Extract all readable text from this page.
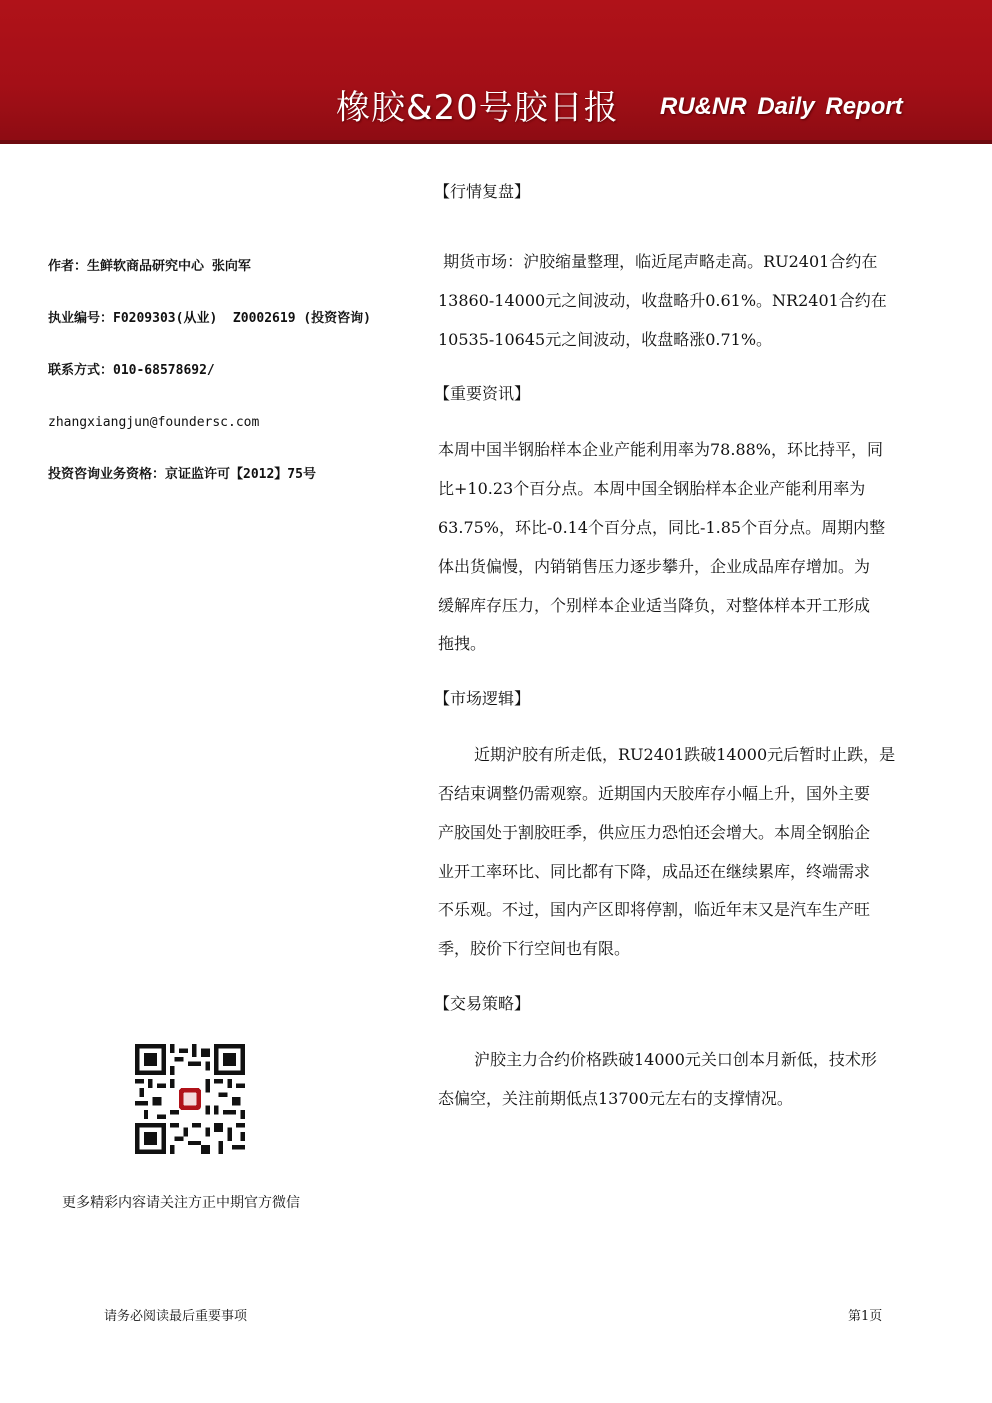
橡胶&20号胶日报 RU&NR Daily Report
作者：生鲜软商品研究中心 张向军
执业编号：F0209303(从业)  Z0002619 (投资咨询)
联系方式：010-68578692/
zhangxiangjun@foundersc.com
投资咨询业务资格：京证监许可【2012】75号
更多精彩内容请关注方正中期官方微信
【行情复盘】

期货市场：沪胶缩量整理，临近尾声略走高。RU2401合约在
13860-14000元之间波动，收盘略升0.61%。NR2401合约在
10535-10645元之间波动，收盘略涨0.71%。

【重要资讯】

本周中国半钢胎样本企业产能利用率为78.88%，环比持平，同
比+10.23个百分点。本周中国全钢胎样本企业产能利用率为
63.75%，环比-0.14个百分点，同比-1.85个百分点。周期内整
体出货偏慢，内销销售压力逐步攀升，企业成品库存增加。为
缓解库存压力，个别样本企业适当降负，对整体样本开工形成
拖拽。

【市场逻辑】

近期沪胶有所走低，RU2401跌破14000元后暂时止跌，是
否结束调整仍需观察。近期国内天胶库存小幅上升，国外主要
产胶国处于割胶旺季，供应压力恐怕还会增大。本周全钢胎企
业开工率环比、同比都有下降，成品还在继续累库，终端需求
不乐观。不过，国内产区即将停割，临近年末又是汽车生产旺
季，胶价下行空间也有限。

【交易策略】

沪胶主力合约价格跌破14000元关口创本月新低，技术形
态偏空，关注前期低点13700元左右的支撑情况。

请务必阅读最后重要事项	第1页
